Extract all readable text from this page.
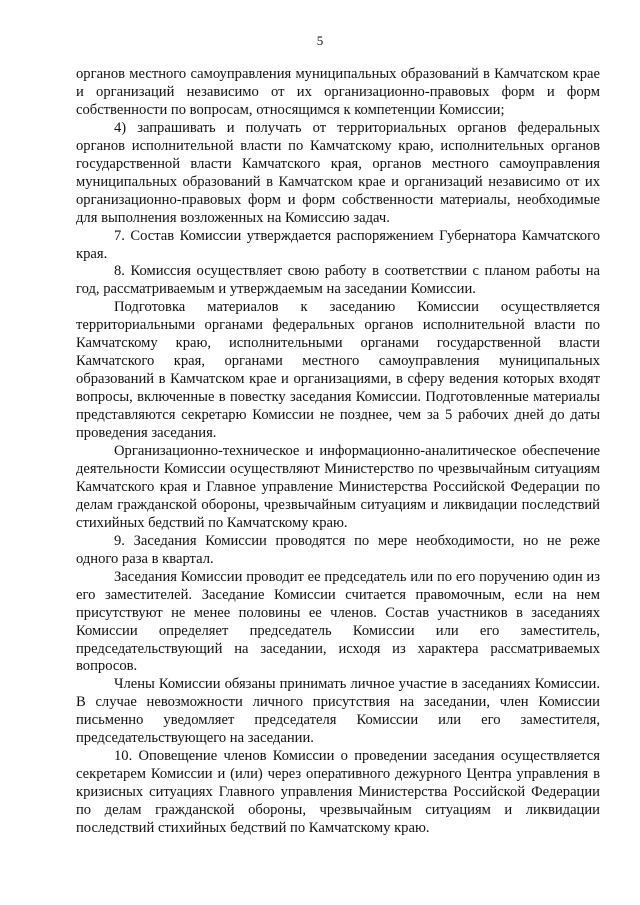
5

органов местного самоуправления муниципальных образований в Камчатском крае и организаций независимо от их организационно-правовых форм и форм собственности по вопросам, относящимся к компетенции Комиссии;

4) запрашивать и получать от территориальных органов федеральных органов исполнительной власти по Камчатскому краю, исполнительных органов государственной власти Камчатского края, органов местного самоуправления муниципальных образований в Камчатском крае и организаций независимо от их организационно-правовых форм и форм собственности материалы, необходимые для выполнения возложенных на Комиссию задач.

7. Состав Комиссии утверждается распоряжением Губернатора Камчатского края.

8. Комиссия осуществляет свою работу в соответствии с планом работы на год, рассматриваемым и утверждаемым на заседании Комиссии.

Подготовка материалов к заседанию Комиссии осуществляется территориальными органами федеральных органов исполнительной власти по Камчатскому краю, исполнительными органами государственной власти Камчатского края, органами местного самоуправления муниципальных образований в Камчатском крае и организациями, в сферу ведения которых входят вопросы, включенные в повестку заседания Комиссии. Подготовленные материалы представляются секретарю Комиссии не позднее, чем за 5 рабочих дней до даты проведения заседания.

Организационно-техническое и информационно-аналитическое обеспечение деятельности Комиссии осуществляют Министерство по чрезвычайным ситуациям Камчатского края и Главное управление Министерства Российской Федерации по делам гражданской обороны, чрезвычайным ситуациям и ликвидации последствий стихийных бедствий по Камчатскому краю.

9. Заседания Комиссии проводятся по мере необходимости, но не реже одного раза в квартал.

Заседания Комиссии проводит ее председатель или по его поручению один из его заместителей. Заседание Комиссии считается правомочным, если на нем присутствуют не менее половины ее членов. Состав участников в заседаниях Комиссии определяет председатель Комиссии или его заместитель, председательствующий на заседании, исходя из характера рассматриваемых вопросов.

Члены Комиссии обязаны принимать личное участие в заседаниях Комиссии. В случае невозможности личного присутствия на заседании, член Комиссии письменно уведомляет председателя Комиссии или его заместителя, председательствующего на заседании.

10. Оповещение членов Комиссии о проведении заседания осуществляется секретарем Комиссии и (или) через оперативного дежурного Центра управления в кризисных ситуациях Главного управления Министерства Российской Федерации по делам гражданской обороны, чрезвычайным ситуациям и ликвидации последствий стихийных бедствий по Камчатскому краю.
